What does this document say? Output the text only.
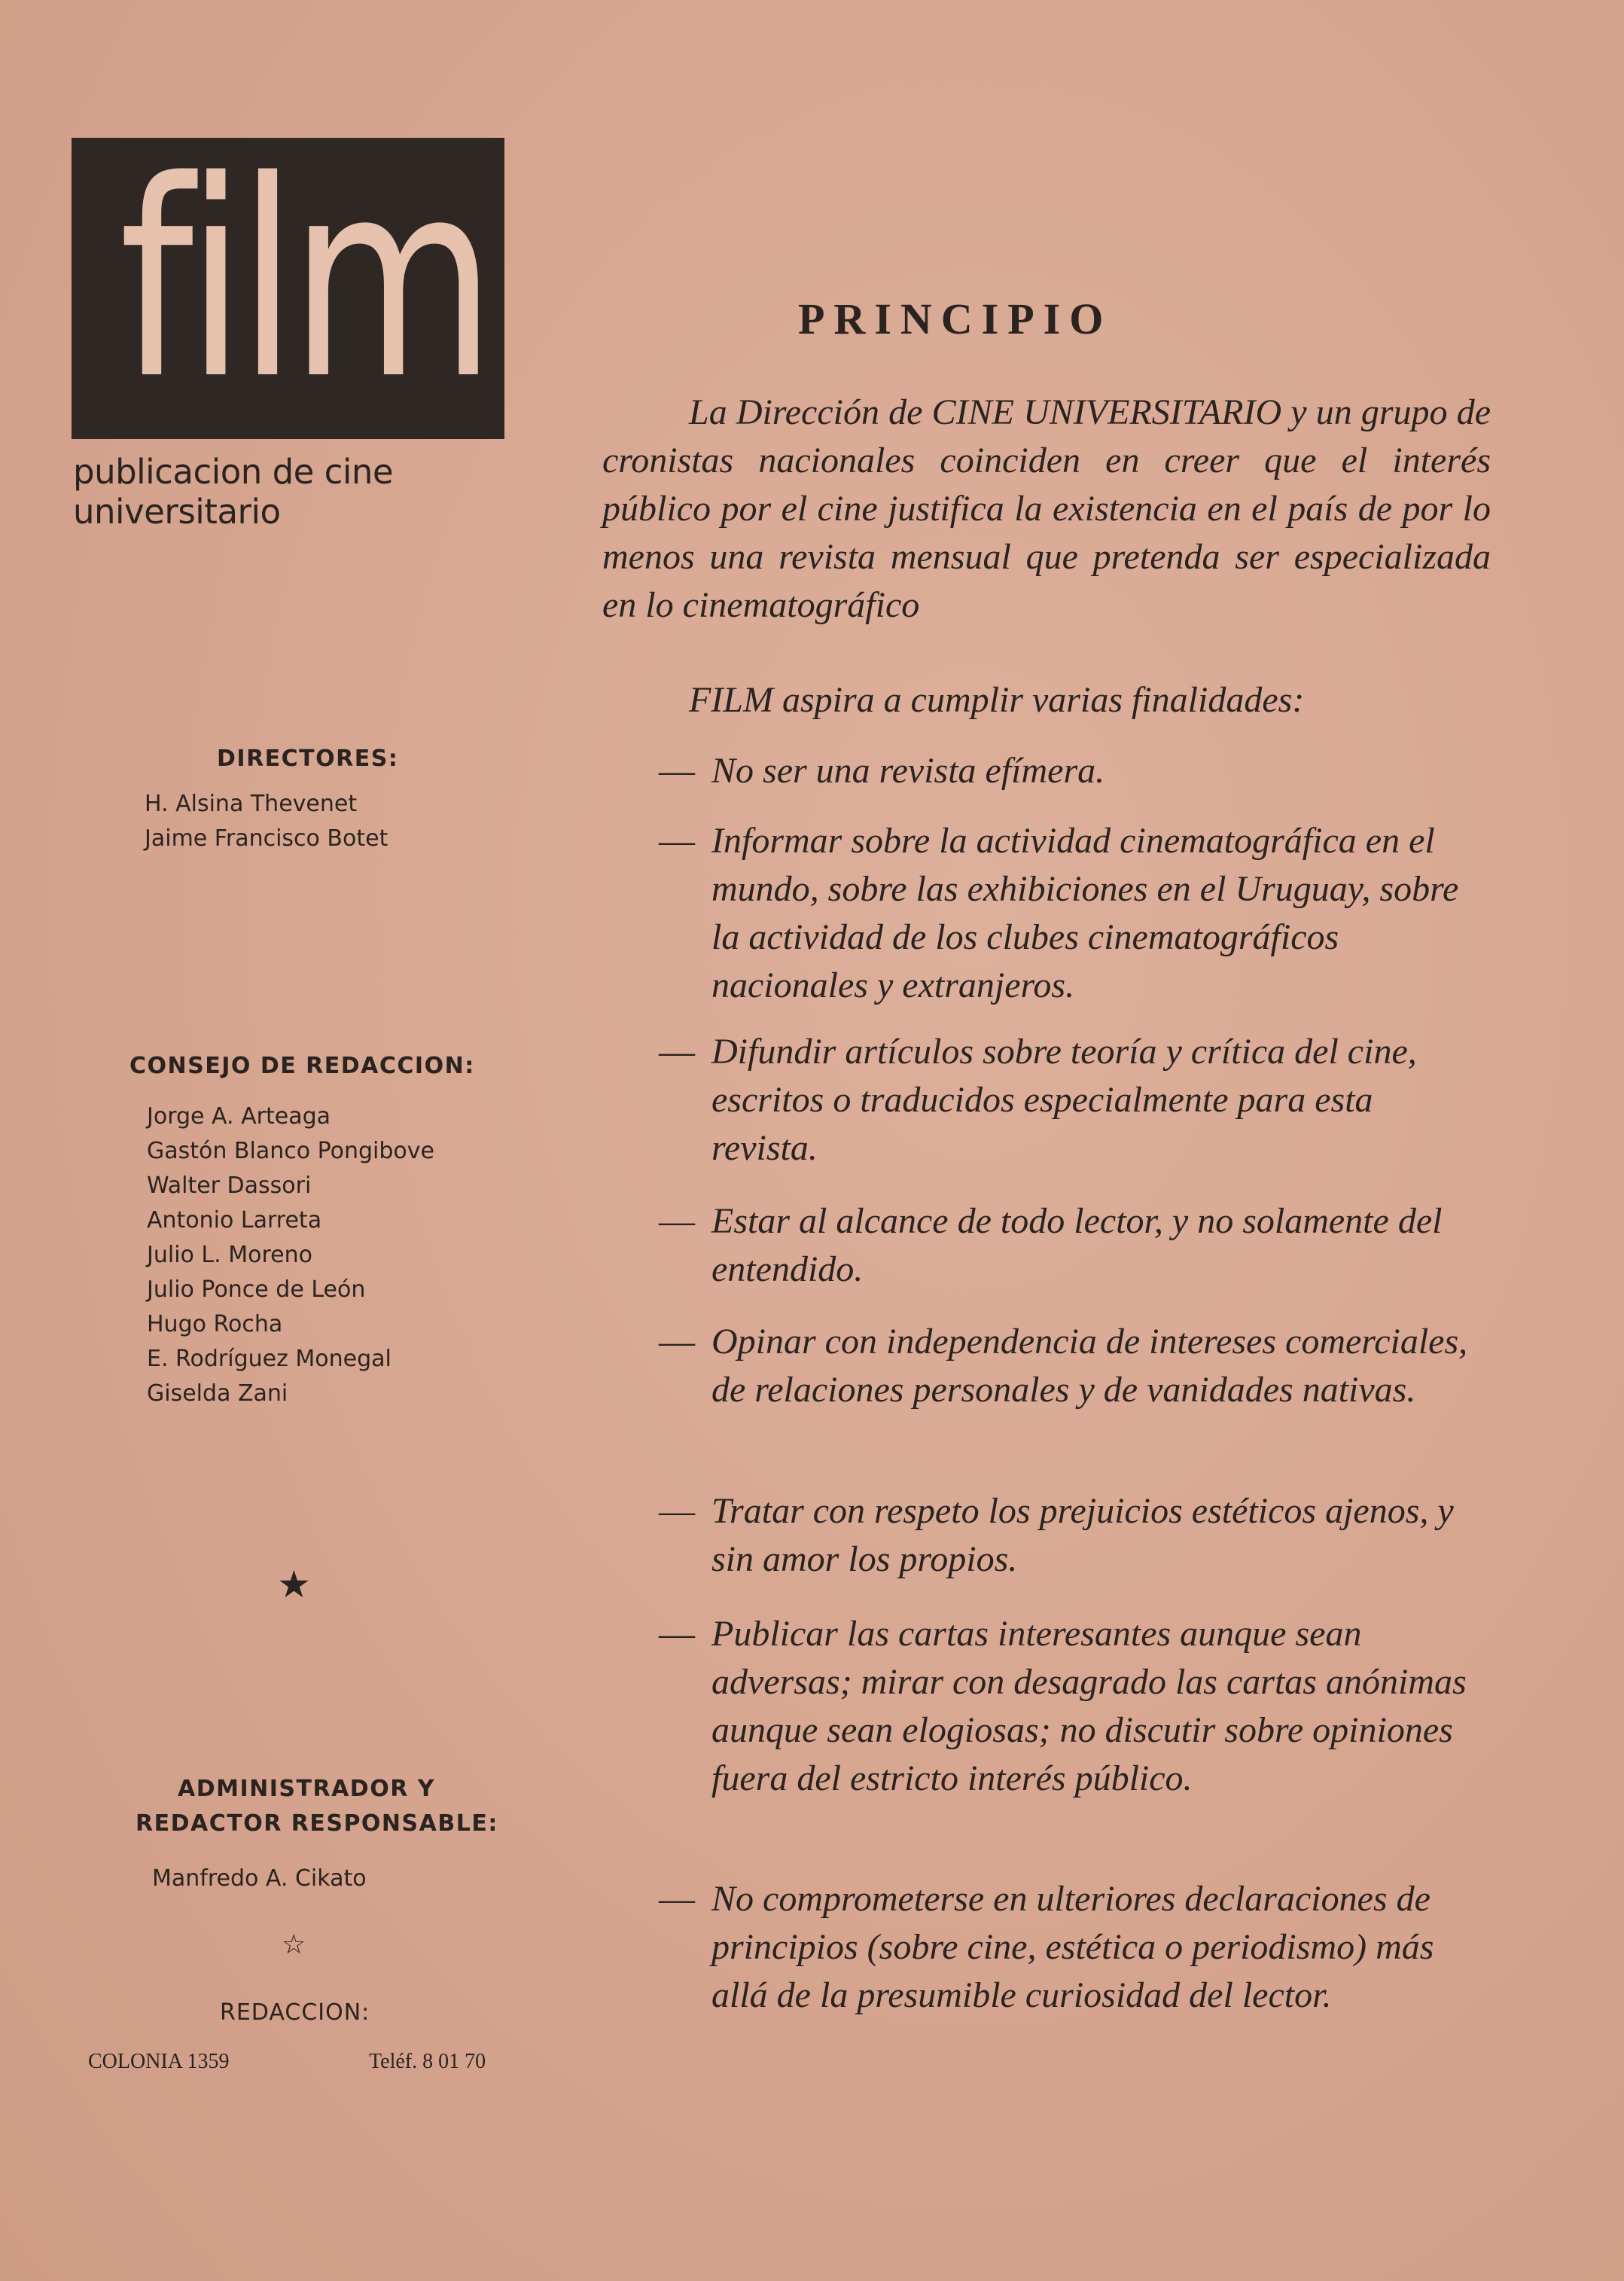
film
publicacion de cine universitario
DIRECTORES:
H. Alsina Thevenet
Jaime Francisco Botet
CONSEJO DE REDACCION:
Jorge A. Arteaga
Gastón Blanco Pongibove
Walter Dassori
Antonio Larreta
Julio L. Moreno
Julio Ponce de León
Hugo Rocha
E. Rodríguez Monegal
Giselda Zani
★
ADMINISTRADOR Y
REDACTOR RESPONSABLE:
Manfredo A. Cikato
☆
REDACCION:
COLONIA 1359	Teléf. 8 01 70
PRINCIPIO
La Dirección de CINE UNIVERSITARIO y un grupo de cronistas nacionales coinciden en creer que el interés público por el cine justifica la existencia en el país de por lo menos una revista mensual que pretenda ser especializada en lo cinematográfico
FILM aspira a cumplir varias finalidades:
— No ser una revista efímera.
— Informar sobre la actividad cinematográfica en el mundo, sobre las exhibiciones en el Uruguay, sobre la actividad de los clubes cinematográficos nacionales y extranjeros.
— Difundir artículos sobre teoría y crítica del cine, escritos o traducidos especialmente para esta revista.
— Estar al alcance de todo lector, y no solamente del entendido.
— Opinar con independencia de intereses comerciales, de relaciones personales y de vanidades nativas.
— Tratar con respeto los prejuicios estéticos ajenos, y sin amor los propios.
— Publicar las cartas interesantes aunque sean adversas; mirar con desagrado las cartas anónimas aunque sean elogiosas; no discutir sobre opiniones fuera del estricto interés público.
— No comprometerse en ulteriores declaraciones de principios (sobre cine, estética o periodismo) más allá de la presumible curiosidad del lector.
